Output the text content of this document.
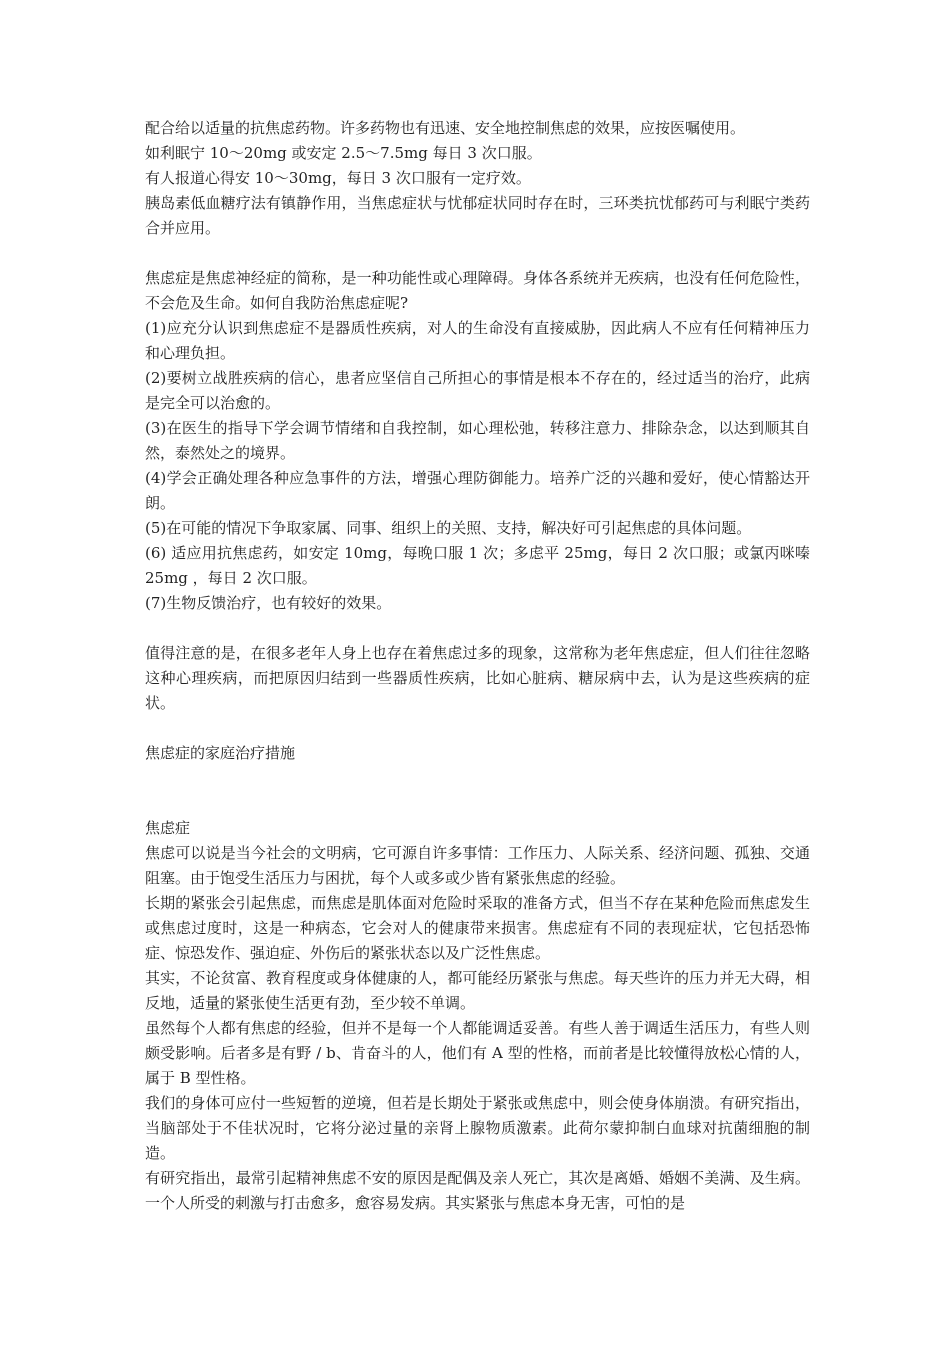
配合给以适量的抗焦虑药物。许多药物也有迅速、安全地控制焦虑的效果，应按医嘱使用。

如利眠宁 10～20mg 或安定 2.5～7.5mg 每日 3 次口服。

有人报道心得安 10～30mg，每日 3 次口服有一定疗效。

胰岛素低血糖疗法有镇静作用，当焦虑症状与忧郁症状同时存在时，三环类抗忧郁药可与利眠宁类药合并应用。

焦虑症是焦虑神经症的简称，是一种功能性或心理障碍。身体各系统并无疾病，也没有任何危险性，不会危及生命。如何自我防治焦虑症呢?

(1)应充分认识到焦虑症不是器质性疾病，对人的生命没有直接威胁，因此病人不应有任何精神压力和心理负担。

(2)要树立战胜疾病的信心，患者应坚信自己所担心的事情是根本不存在的，经过适当的治疗，此病是完全可以治愈的。

(3)在医生的指导下学会调节情绪和自我控制，如心理松弛，转移注意力、排除杂念，以达到顺其自然，泰然处之的境界。

(4)学会正确处理各种应急事件的方法，增强心理防御能力。培养广泛的兴趣和爱好，使心情豁达开朗。

(5)在可能的情况下争取家属、同事、组织上的关照、支持，解决好可引起焦虑的具体问题。

(6) 适应用抗焦虑药，如安定 10mg，每晚口服 1 次；多虑平 25mg，每日 2 次口服；或氯丙咪嗪 25mg ，每日 2 次口服。

(7)生物反馈治疗，也有较好的效果。

值得注意的是，在很多老年人身上也存在着焦虑过多的现象，这常称为老年焦虑症，但人们往往忽略这种心理疾病，而把原因归结到一些器质性疾病，比如心脏病、糖尿病中去，认为是这些疾病的症状。

焦虑症的家庭治疗措施

焦虑症

焦虑可以说是当今社会的文明病，它可源自许多事情：工作压力、人际关系、经济问题、孤独、交通阻塞。由于饱受生活压力与困扰，每个人或多或少皆有紧张焦虑的经验。

长期的紧张会引起焦虑，而焦虑是肌体面对危险时采取的准备方式，但当不存在某种危险而焦虑发生或焦虑过度时，这是一种病态，它会对人的健康带来损害。焦虑症有不同的表现症状，它包括恐怖症、惊恐发作、强迫症、外伤后的紧张状态以及广泛性焦虑。

其实，不论贫富、教育程度或身体健康的人，都可能经历紧张与焦虑。每天些许的压力并无大碍，相反地，适量的紧张使生活更有劲，至少较不单调。

虽然每个人都有焦虑的经验，但并不是每一个人都能调适妥善。有些人善于调适生活压力，有些人则颇受影响。后者多是有野 / b、肯奋斗的人，他们有 A 型的性格，而前者是比较懂得放松心情的人，属于 B 型性格。

我们的身体可应付一些短暂的逆境，但若是长期处于紧张或焦虑中，则会使身体崩溃。有研究指出，当脑部处于不佳状况时，它将分泌过量的亲肾上腺物质激素。此荷尔蒙抑制白血球对抗菌细胞的制造。

有研究指出，最常引起精神焦虑不安的原因是配偶及亲人死亡，其次是离婚、婚姻不美满、及生病。一个人所受的刺激与打击愈多，愈容易发病。其实紧张与焦虑本身无害，可怕的是
